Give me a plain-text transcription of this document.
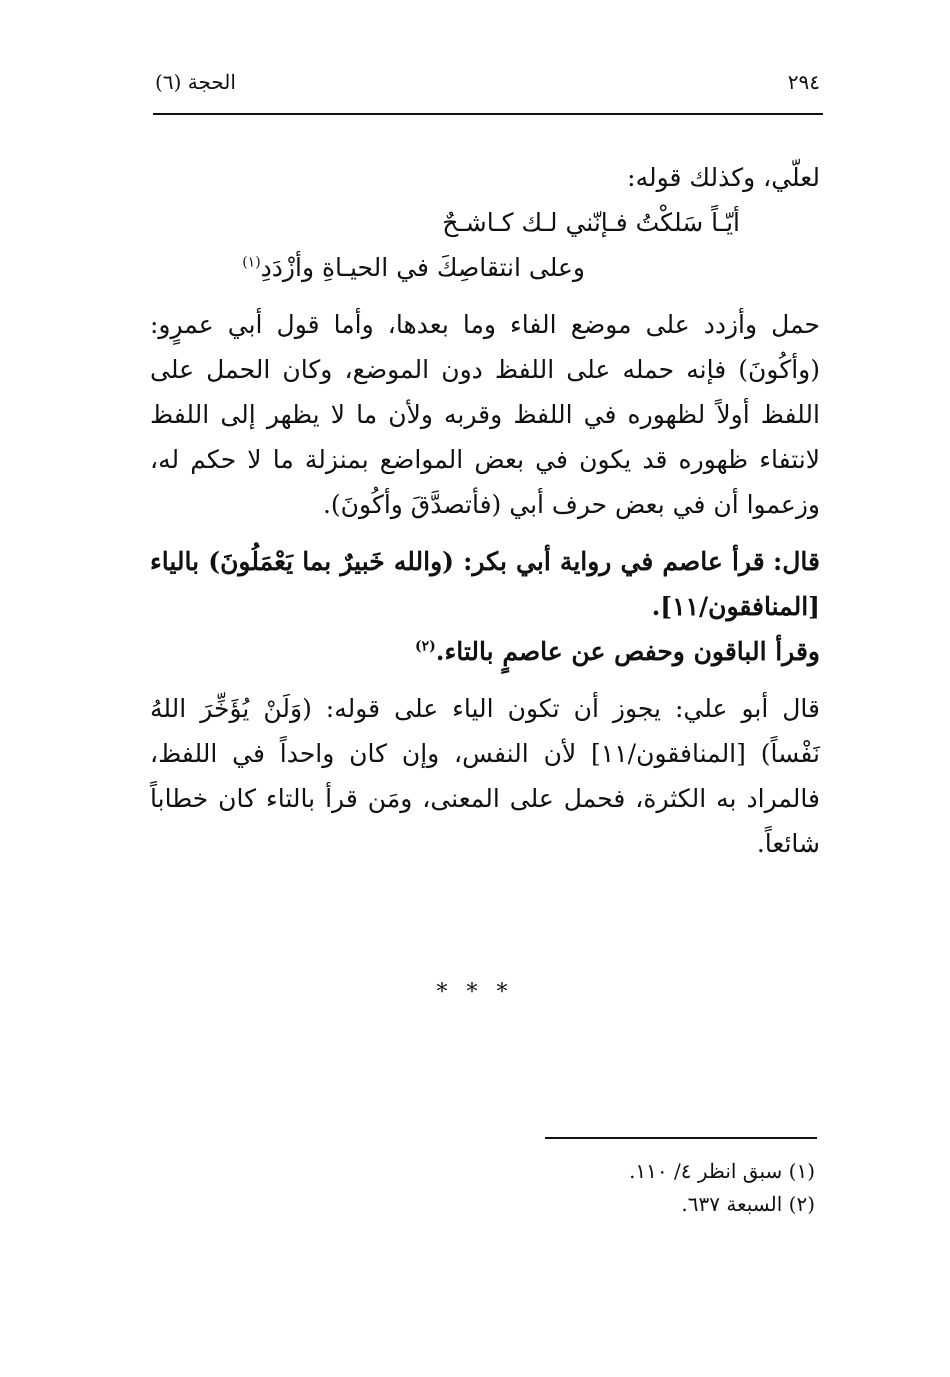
٢٩٤
الحجة (٦)

لعلّي، وكذلك قوله:

أيّـاً سَلكْتُ فـإنّني لـك كـاشـحٌ
وعلى انتقاصِكَ في الحيـاةِ وأزْدَدِ$^{(١)}$

حمل وأزدد على موضع الفاء وما بعدها، وأما قول أبي عمرٍو: (وأكُونَ) فإنه حمله على اللفظ دون الموضع، وكان الحمل على اللفظ أولاً لظهوره في اللفظ وقربه ولأن ما لا يظهر إلى اللفظ لانتفاء ظهوره قد يكون في بعض المواضع بمنزلة ما لا حكم له، وزعموا أن في بعض حرف أبي (فأتصدَّقَ وأكُونَ).

قال: قرأ عاصم في رواية أبي بكر: (والله خَبيرٌ بما يَعْمَلُونَ) بالياء [المنافقون/١١].

وقرأ الباقون وحفص عن عاصمٍ بالتاء.$^{(٢)}$

قال أبو علي: يجوز أن تكون الياء على قوله: (وَلَنْ يُؤَخِّرَ اللهُ نَفْساً) [المنافقون/١١] لأن النفس، وإن كان واحداً في اللفظ، فالمراد به الكثرة، فحمل على المعنى، ومَن قرأ بالتاء كان خطاباً شائعاً.

* * *
(١) سبق انظر ٤/ ١١٠.
(٢) السبعة ٦٣٧.
